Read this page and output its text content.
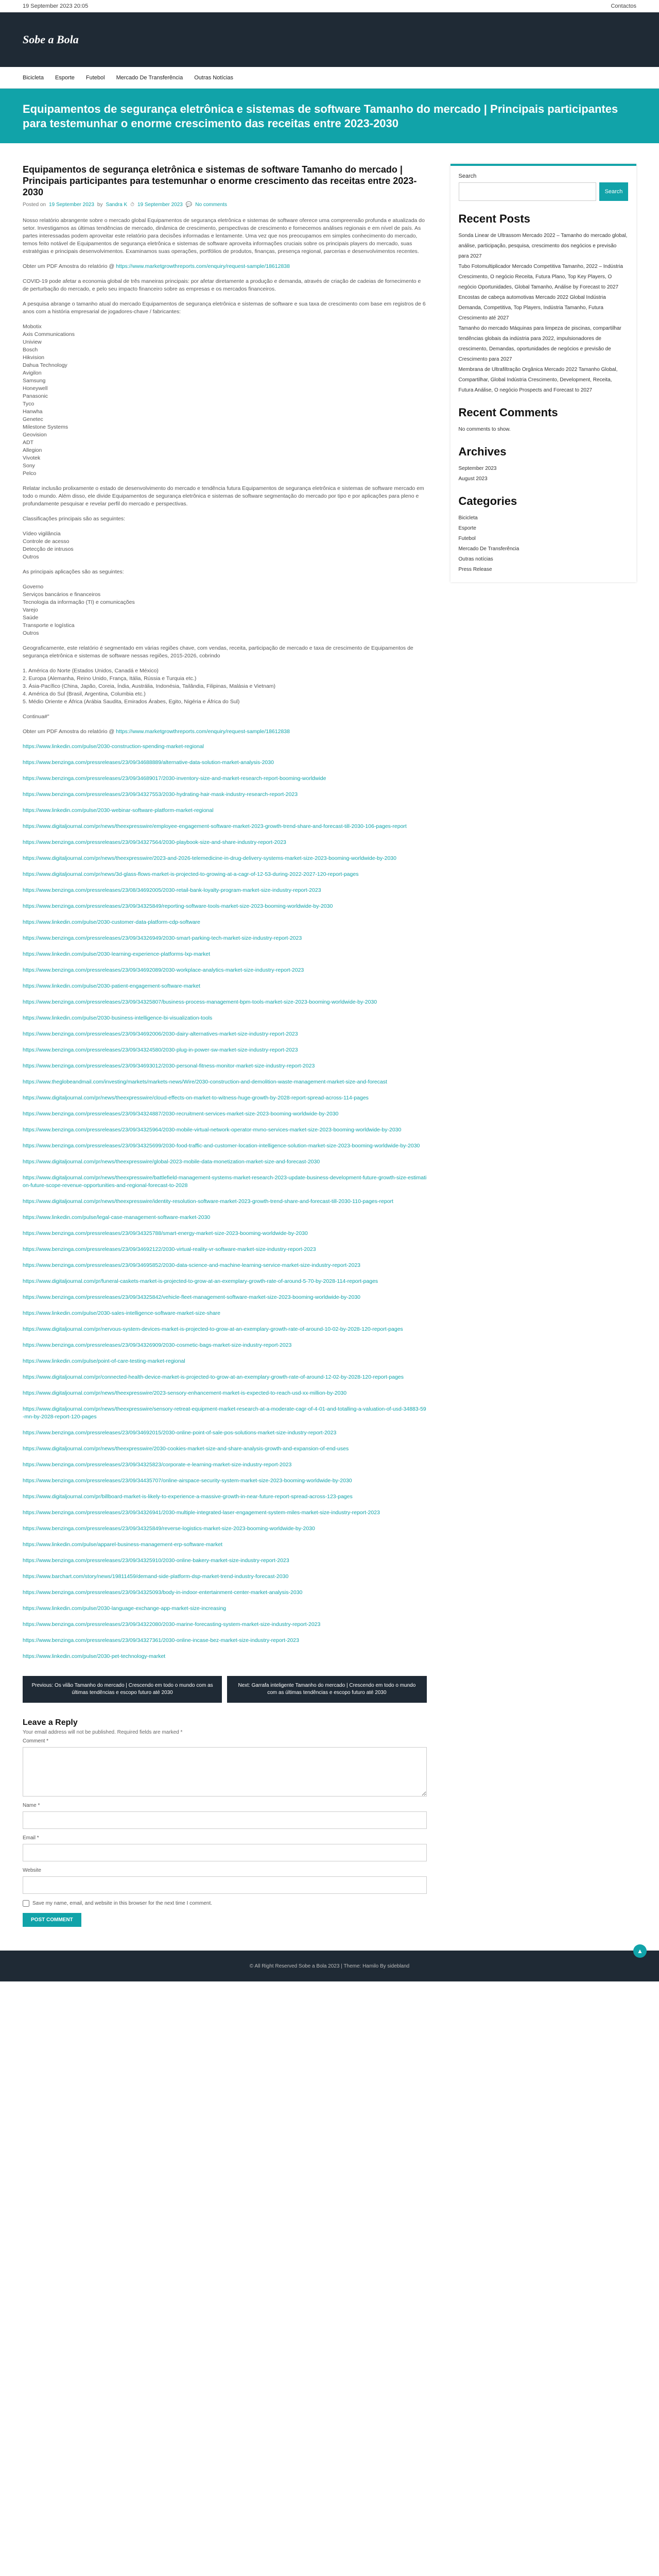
19 September 2023 20:05	Contactos
Sobe a Bola
Bicicleta Esporte Futebol Mercado De Transferência Outras Notícias
Equipamentos de segurança eletrônica e sistemas de software Tamanho do mercado | Principais participantes para testemunhar o enorme crescimento das receitas entre 2023-2030
Equipamentos de segurança eletrônica e sistemas de software Tamanho do mercado | Principais participantes para testemunhar o enorme crescimento das receitas entre 2023-2030
Posted on 19 September 2023 by Sandra K ⏱ 19 September 2023 💬 No comments

Nosso relatório abrangente sobre o mercado global Equipamentos de segurança eletrônica e sistemas de software oferece uma compreensão profunda e atualizada do setor. Investigamos as últimas tendências de mercado, dinâmica de crescimento, perspectivas de crescimento e fornecemos análises regionais e em nível de país. As partes interessadas podem aproveitar este relatório para decisões informadas e lentamente. Uma vez que nos preocupamos em simples conhecimento do mercado, temos feito notável de Equipamentos de segurança eletrônica e sistemas de software aproveita informações cruciais sobre os principais players do mercado, suas estratégias e principais desenvolvimentos. Examinamos suas operações, portfólios de produtos, finanças, presença regional, parcerias e desenvolvimentos recentes.

Obter um PDF Amostra do relatório @ https://www.marketgrowthreports.com/enquiry/request-sample/18612838

COVID-19 pode afetar a economia global de três maneiras principais: por afetar diretamente a produção e demanda, através de criação de cadeias de fornecimento e de perturbação do mercado, e pelo seu impacto financeiro sobre as empresas e os mercados financeiros.

A pesquisa abrange o tamanho atual do mercado Equipamentos de segurança eletrônica e sistemas de software e sua taxa de crescimento com base em registros de 6 anos com a história empresarial de jogadores-chave / fabricantes:

Mobotix
Axis Communications
Uniview
Bosch
Hikvision
Dahua Technology
Avigilon
Samsung
Honeywell
Panasonic
Tyco
Hanwha
Genetec
Milestone Systems
Geovision
ADT
Allegion
Vivotek
Sony
Pelco

Relatar inclusão prolixamente o estado de desenvolvimento do mercado e tendência futura Equipamentos de segurança eletrônica e sistemas de software mercado em todo o mundo. Além disso, ele divide Equipamentos de segurança eletrônica e sistemas de software segmentação do mercado por tipo e por aplicações para pleno e profundamente pesquisar e revelar perfil do mercado e perspectivas.

Classificações principais são as seguintes:

Vídeo vigilância
Controle de acesso
Detecção de intrusos
Outros

As principais aplicações são as seguintes:

Governo
Serviços bancários e financeiros
Tecnologia da informação (TI) e comunicações
Varejo
Saúde
Transporte e logística
Outros

Geograficamente, este relatório é segmentado em várias regiões chave, com vendas, receita, participação de mercado e taxa de crescimento de Equipamentos de segurança eletrônica e sistemas de software nessas regiões, 2015-2026, cobrindo

1. América do Norte (Estados Unidos, Canadá e México)
2. Europa (Alemanha, Reino Unido, França, Itália, Rússia e Turquia etc.)
3. Ásia-Pacífico (China, Japão, Coreia, Índia, Austrália, Indonésia, Tailândia, Filipinas, Malásia e Vietnam)
4. América do Sul (Brasil, Argentina, Columbia etc.)
5. Médio Oriente e África (Arábia Saudita, Emirados Árabes, Egito, Nigéria e África do Sul)

Continua#"

Obter um PDF Amostra do relatório @ https://www.marketgrowthreports.com/enquiry/request-sample/18612838

https://www.linkedin.com/pulse/2030-construction-spending-market-regional
https://www.benzinga.com/pressreleases/23/09/34688889/alternative-data-solution-market-analysis-2030
https://www.benzinga.com/pressreleases/23/09/34689017/2030-inventory-size-and-market-research-report-booming-worldwide
https://www.benzinga.com/pressreleases/23/09/34327553/2030-hydrating-hair-mask-industry-research-report-2023
https://www.linkedin.com/pulse/2030-webinar-software-platform-market-regional
https://www.digitaljournal.com/pr/news/theexpresswire/employee-engagement-software-market-2023-growth-trend-share-and-forecast-till-2030-106-pages-report
https://www.benzinga.com/pressreleases/23/09/34327564/2030-playbook-size-and-share-industry-report-2023
https://www.digitaljournal.com/pr/news/theexpresswire/2023-and-2026-telemedicine-in-drug-delivery-systems-market-size-2023-booming-worldwide-by-2030
https://www.digitaljournal.com/pr/news/3d-glass-flows-market-is-projected-to-growing-at-a-cagr-of-12-53-during-2022-2027-120-report-pages
https://www.benzinga.com/pressreleases/23/08/34692005/2030-retail-bank-loyalty-program-market-size-industry-report-2023
https://www.benzinga.com/pressreleases/23/09/34325849/reporting-software-tools-market-size-2023-booming-worldwide-by-2030
https://www.linkedin.com/pulse/2030-customer-data-platform-cdp-software
https://www.benzinga.com/pressreleases/23/09/34326949/2030-smart-parking-tech-market-size-industry-report-2023
https://www.linkedin.com/pulse/2030-learning-experience-platforms-lxp-market
https://www.benzinga.com/pressreleases/23/09/34692089/2030-workplace-analytics-market-size-industry-report-2023
https://www.linkedin.com/pulse/2030-patient-engagement-software-market
https://www.benzinga.com/pressreleases/23/09/34325807/business-process-management-bpm-tools-market-size-2023-booming-worldwide-by-2030
https://www.linkedin.com/pulse/2030-business-intelligence-bi-visualization-tools
https://www.benzinga.com/pressreleases/23/09/34692006/2030-dairy-alternatives-market-size-industry-report-2023
https://www.benzinga.com/pressreleases/23/09/34324580/2030-plug-in-power-sw-market-size-industry-report-2023
https://www.benzinga.com/pressreleases/23/09/34693012/2030-personal-fitness-monitor-market-size-industry-report-2023
https://www.theglobeandmail.com/investing/markets/markets-news/Wire/2030-construction-and-demolition-waste-management-market-size-and-forecast
https://www.digitaljournal.com/pr/news/theexpresswire/cloud-effects-on-market-to-witness-huge-growth-by-2028-report-spread-across-114-pages
https://www.benzinga.com/pressreleases/23/09/34324887/2030-recruitment-services-market-size-2023-booming-worldwide-by-2030
https://www.benzinga.com/pressreleases/23/09/34325964/2030-mobile-virtual-network-operator-mvno-services-market-size-2023-booming-worldwide-by-2030
https://www.benzinga.com/pressreleases/23/09/34325699/2030-food-traffic-and-customer-location-intelligence-solution-market-size-2023-booming-worldwide-by-2030
https://www.digitaljournal.com/pr/news/theexpresswire/global-2023-mobile-data-monetization-market-size-and-forecast-2030
https://www.digitaljournal.com/pr/news/theexpresswire/battlefield-management-systems-market-research-2023-update-business-development-future-growth-size-estimation-future-scope-revenue-opportunities-and-regional-forecast-to-2028
https://www.digitaljournal.com/pr/news/theexpresswire/identity-resolution-software-market-2023-growth-trend-share-and-forecast-till-2030-110-pages-report
https://www.linkedin.com/pulse/legal-case-management-software-market-2030
https://www.benzinga.com/pressreleases/23/09/34325788/smart-energy-market-size-2023-booming-worldwide-by-2030
https://www.benzinga.com/pressreleases/23/09/34692122/2030-virtual-reality-vr-software-market-size-industry-report-2023
https://www.benzinga.com/pressreleases/23/09/34695852/2030-data-science-and-machine-learning-service-market-size-industry-report-2023
https://www.digitaljournal.com/pr/funeral-caskets-market-is-projected-to-grow-at-an-exemplary-growth-rate-of-around-5-70-by-2028-114-report-pages
https://www.benzinga.com/pressreleases/23/09/34325842/vehicle-fleet-management-software-market-size-2023-booming-worldwide-by-2030
https://www.linkedin.com/pulse/2030-sales-intelligence-software-market-size-share
https://www.digitaljournal.com/pr/nervous-system-devices-market-is-projected-to-grow-at-an-exemplary-growth-rate-of-around-10-02-by-2028-120-report-pages
https://www.benzinga.com/pressreleases/23/09/34326909/2030-cosmetic-bags-market-size-industry-report-2023
https://www.linkedin.com/pulse/point-of-care-testing-market-regional
https://www.digitaljournal.com/pr/connected-health-device-market-is-projected-to-grow-at-an-exemplary-growth-rate-of-around-12-02-by-2028-120-report-pages
https://www.digitaljournal.com/pr/news/theexpresswire/2023-sensory-enhancement-market-is-expected-to-reach-usd-xx-million-by-2030
https://www.digitaljournal.com/pr/news/theexpresswire/sensory-retreat-equipment-market-research-at-a-moderate-cagr-of-4-01-and-totalling-a-valuation-of-usd-34883-59-mn-by-2028-report-120-pages
https://www.benzinga.com/pressreleases/23/09/34692015/2030-online-point-of-sale-pos-solutions-market-size-industry-report-2023
https://www.digitaljournal.com/pr/news/theexpresswire/2030-cookies-market-size-and-share-analysis-growth-and-expansion-of-end-uses
https://www.benzinga.com/pressreleases/23/09/34325823/corporate-e-learning-market-size-industry-report-2023
https://www.benzinga.com/pressreleases/23/09/34435707/online-airspace-security-system-market-size-2023-booming-worldwide-by-2030
https://www.digitaljournal.com/pr/billboard-market-is-likely-to-experience-a-massive-growth-in-near-future-report-spread-across-123-pages
https://www.benzinga.com/pressreleases/23/09/34326941/2030-multiple-integrated-laser-engagement-system-miles-market-size-industry-report-2023
https://www.benzinga.com/pressreleases/23/09/34325849/reverse-logistics-market-size-2023-booming-worldwide-by-2030
https://www.linkedin.com/pulse/apparel-business-management-erp-software-market
https://www.benzinga.com/pressreleases/23/09/34325910/2030-online-bakery-market-size-industry-report-2023
https://www.barchart.com/story/news/19811459/demand-side-platform-dsp-market-trend-industry-forecast-2030
https://www.benzinga.com/pressreleases/23/09/34325093/body-in-indoor-entertainment-center-market-analysis-2030
https://www.linkedin.com/pulse/2030-language-exchange-app-market-size-increasing
https://www.benzinga.com/pressreleases/23/09/34322080/2030-marine-forecasting-system-market-size-industry-report-2023
https://www.benzinga.com/pressreleases/23/09/34327361/2030-online-incase-bez-market-size-industry-report-2023
https://www.linkedin.com/pulse/2030-pet-technology-market
Previous: Os vilão Tamanho do mercado | Crescendo em todo o mundo com as últimas tendências e escopo futuro até 2030
Next: Garrafa inteligente Tamanho do mercado | Crescendo em todo o mundo com as últimas tendências e escopo futuro até 2030
Leave a Reply

Your email address will not be published. Required fields are marked *

Comment *
Name *
Email *
Website
Save my name, email, and website in this browser for the next time I comment.
POST COMMENT
Search
Search
Recent Posts
Sonda Linear de Ultrassom Mercado 2022 – Tamanho do mercado global, análise, participação, pesquisa, crescimento dos negócios e previsão para 2027
Tubo Fotomultiplicador Mercado Competitiva Tamanho, 2022 – Indústria Crescimento, O negócio Receita, Futura Plano, Top Key Players, O negócio Oportunidades, Global Tamanho, Análise by Forecast to 2027
Encostas de cabeça automotivas Mercado 2022 Global Indústria Demanda, Competitiva, Top Players, Indústria Tamanho, Futura Crescimento até 2027
Tamanho do mercado Máquinas para limpeza de piscinas, compartilhar tendências globais da indústria para 2022, impulsionadores de crescimento, Demandas, oportunidades de negócios e previsão de Crescimento para 2027
Membrana de Ultrafiltração Orgânica Mercado 2022 Tamanho Global, Compartilhar, Global Indústria Crescimento, Development, Receita, Futura Análise, O negócio Prospects and Forecast to 2027
Recent Comments
No comments to show.
Archives
September 2023
August 2023
Categories
Bicicleta
Esporte
Futebol
Mercado De Transferência
Outras notícias
Press Release
© All Right Reserved Sobe a Bola 2023 | Theme: Hamilo By sidebland
▲
